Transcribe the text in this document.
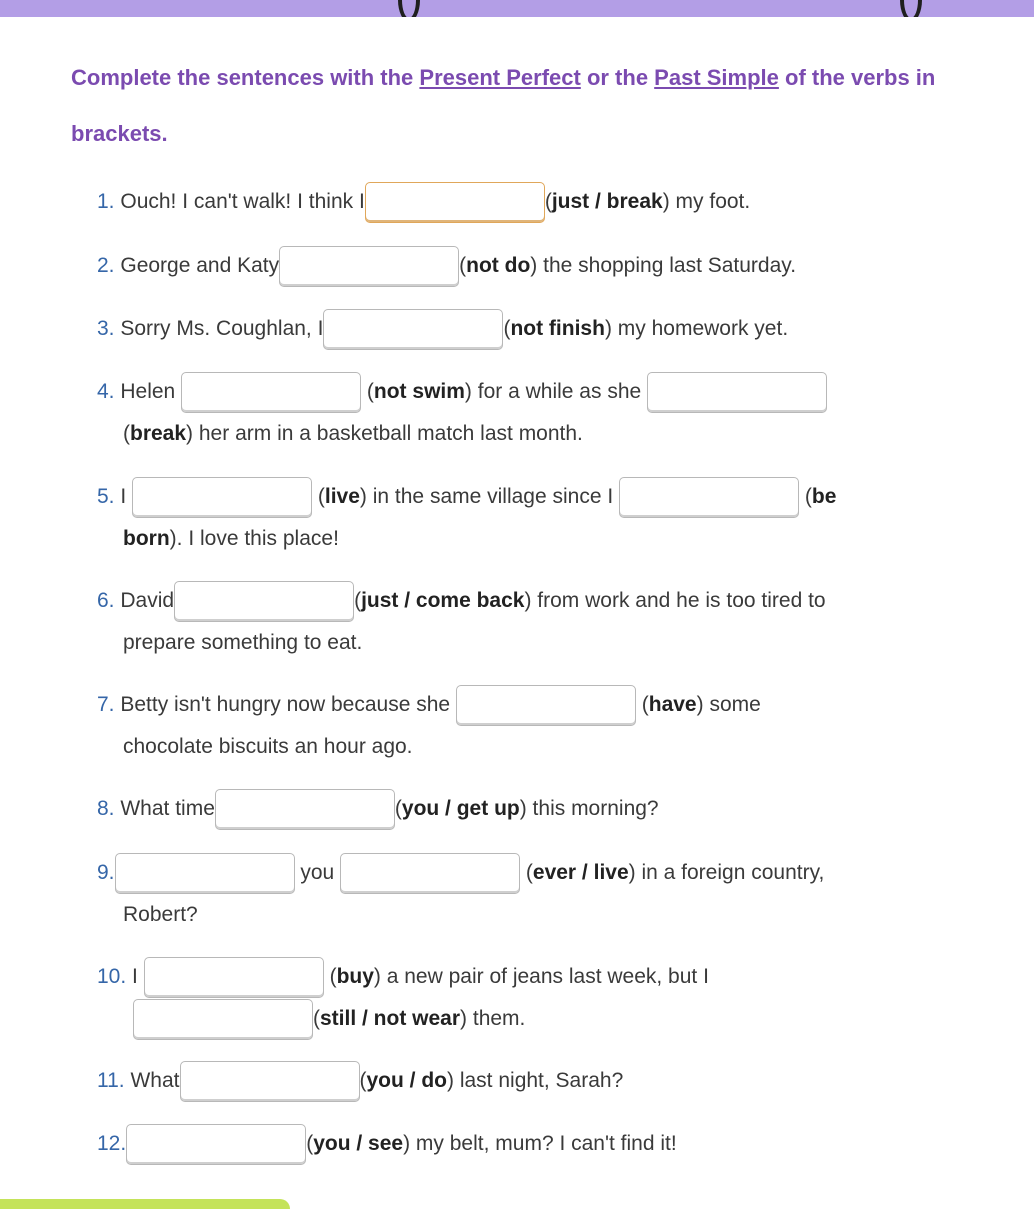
Complete the sentences with the Present Perfect or the Past Simple of the verbs in brackets.
1. Ouch! I can't walk! I think I	(just / break) my foot.
2. George and Katy	(not do) the shopping last Saturday.
3. Sorry Ms. Coughlan, I	(not finish) my homework yet.
4. Helen	(not swim) for a while as she
(break) her arm in a basketball match last month.
5. I	(live) in the same village since I	(be
born). I love this place!
6. David	(just / come back) from work and he is too tired to
prepare something to eat.
7. Betty isn't hungry now because she	(have) some
chocolate biscuits an hour ago.
8. What time	(you / get up) this morning?
9.	you	(ever / live) in a foreign country,
Robert?
10. I	(buy) a new pair of jeans last week, but I
(still / not wear) them.
11. What	(you / do) last night, Sarah?
12.	(you / see) my belt, mum? I can't find it!
